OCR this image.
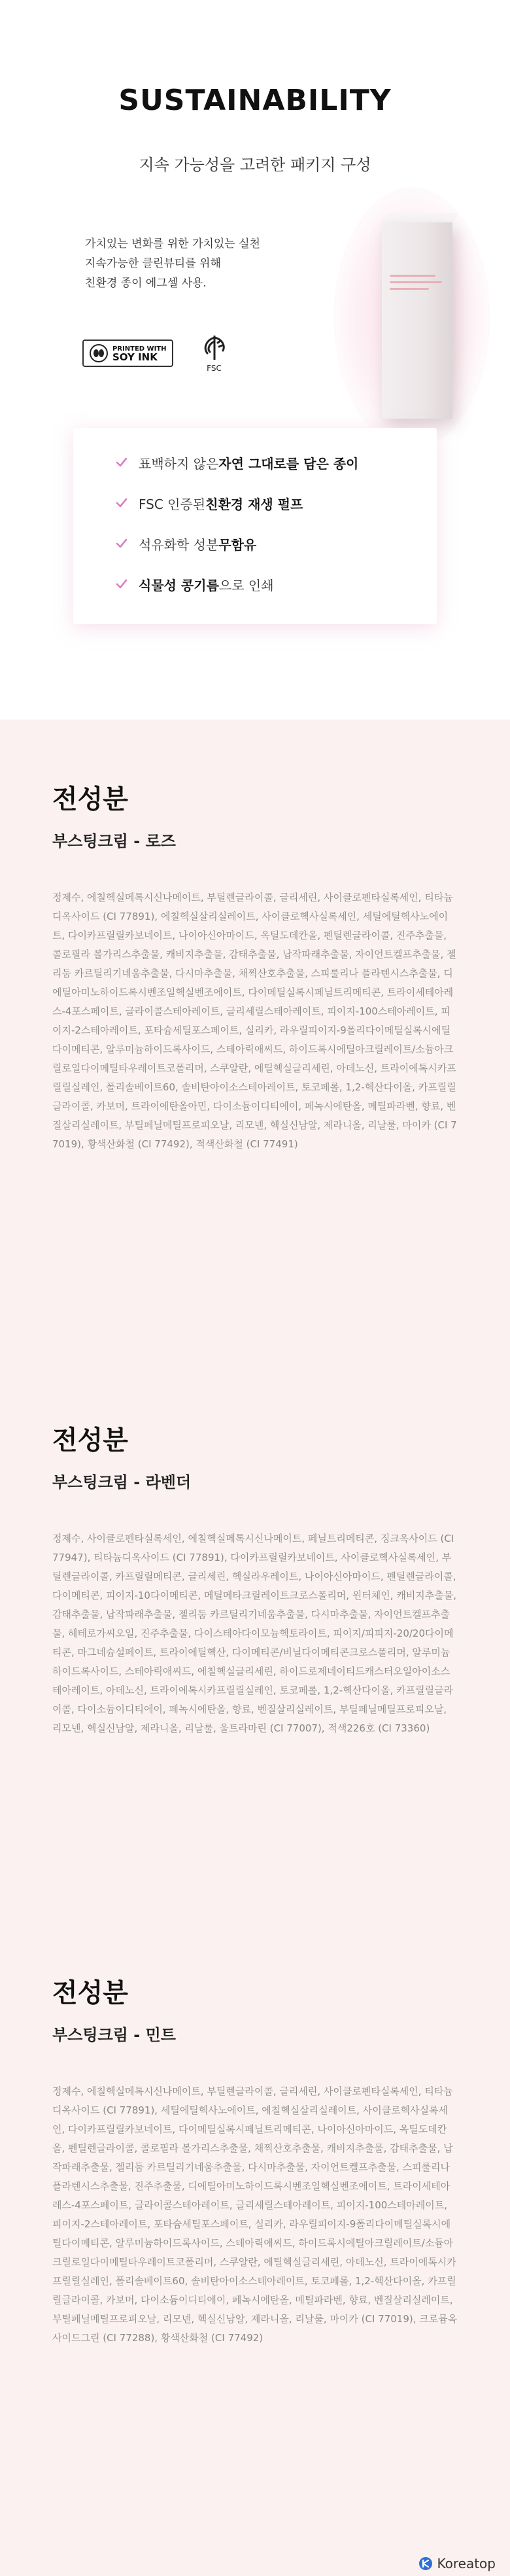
SUSTAINABILITY
지속 가능성을 고려한 패키지 구성
가치있는 변화를 위한 가치있는 실천
지속가능한 클린뷰티를 위해
친환경 종이 에그셀 사용.
PRINTED WITH
SOY INK
FSC
표백하지 않은 자연 그대로를 담은 종이
FSC 인증된 친환경 재생 펄프
석유화학 성분 무함유
식물성 콩기름 으로 인쇄
전성분
부스팅크림 - 로즈
정제수, 에칠헥실메톡시신나메이트, 부틸렌글라이콜, 글리세린, 사이클로펜타실록세인, 티타늄디옥사이드 (CI 77891), 에칠헥실살리실레이트, 사이클로헥사실록세인, 세틸에틸헥사노에이트, 다이카프릴릴카보네이트, 나이아신아마이드, 옥틸도데칸올, 펜틸렌글라이콜, 진주추출물, 콜로필라 볼가리스추출물, 캐비지추출물, 감태추출물, 납작파래추출물, 자이언트켈프추출물, 젤리둠 카르틸리기네움추출물, 다시마추출물, 채찍산호추출물, 스피룰리나 플라텐시스추출물, 디에틸아미노하이드록시벤조일헥실벤조에이트, 다이메틸실록시페닐트리메티콘, 트라이세테아레스-4포스페이트, 글라이콜스테아레이트, 글리세릴스테아레이트, 피이지-100스테아레이트, 피이지-2스테아레이트, 포타슘세틸포스페이트, 실리카, 라우릴피이지-9폴리다이메틸실록시에틸다이메티콘, 알루미늄하이드록사이드, 스테아릭애씨드, 하이드록시에틸아크릴레이트/소듐아크릴로일다이메틸타우레이트코폴리머, 스쿠알란, 에틸헥실글리세린, 아데노신, 트라이에톡시카프릴릴실레인, 폴리솔베이트60, 솔비탄아이소스테아레이트, 토코페롤, 1,2-헥산다이올, 카프릴릴글라이콜, 카보머, 트라이에탄올아민, 다이소듐이디티에이, 페녹시에탄올, 메틸파라벤, 향료, 벤질살리실레이트, 부틸페닐메틸프로피오날, 리모넨, 헥실신남알, 제라니올, 리날룰, 마이카 (CI 77019), 황색산화철 (CI 77492), 적색산화철 (CI 77491)
전성분
부스팅크림 - 라벤더
정제수, 사이클로펜타실록세인, 에칠헥실메톡시신나메이트, 페닐트리메티콘, 징크옥사이드 (CI 77947), 티타늄디옥사이드 (CI 77891), 다이카프릴릴카보네이트, 사이클로헥사실록세인, 부틸렌글라이콜, 카프릴릴메티콘, 글리세린, 헥실라우레이트, 나이아신아마이드, 펜틸렌글라이콜, 다이메티콘, 피이지-10다이메티콘, 메틸메타크릴레이트크로스폴리머, 윈터체인, 캐비지추출물, 감태추출물, 납작파래추출물, 젤리둠 카르틸리기네움추출물, 다시마추출물, 자이언트켈프추출물, 헤테로가씨오일, 진주추출물, 다이스테아다이모늄헥토라이트, 피이지/피피지-20/20다이메티콘, 마그네슘설페이트, 트라이에틸헥산, 다이메티콘/비닐다이메티콘크로스폴리머, 알루미늄하이드록사이드, 스테아릭애씨드, 에칠헥실글리세린, 하이드로제네이티드캐스터오일아이소스테아레이트, 아데노신, 트라이에톡시카프릴릴실레인, 토코페롤, 1,2-헥산다이올, 카프릴릴글라이콜, 다이소듐이디티에이, 페녹시에탄올, 향료, 벤질살리실레이트, 부틸페닐메틸프로피오날, 리모넨, 헥실신남알, 제라니올, 리날룰, 울트라마린 (CI 77007), 적색226호 (CI 73360)
전성분
부스팅크림 - 민트
정제수, 에칠헥실메톡시신나메이트, 부틸렌글라이콜, 글리세린, 사이클로펜타실록세인, 티타늄디옥사이드 (CI 77891), 세틸에틸헥사노에이트, 에칠헥실살리실레이트, 사이클로헥사실록세인, 다이카프릴릴카보네이트, 다이메틸실록시페닐트리메티콘, 나이아신아마이드, 옥틸도데칸올, 펜틸렌글라이콜, 콜로필라 볼가리스추출물, 채찍산호추출물, 캐비지추출물, 감태추출물, 납작파래추출물, 젤리둠 카르틸리기네움추출물, 다시마추출물, 자이언트켈프추출물, 스피룰리나 플라텐시스추출물, 진주추출물, 디에틸아미노하이드록시벤조일헥실벤조에이트, 트라이세테아레스-4포스페이트, 글라이콜스테아레이트, 글리세릴스테아레이트, 피이지-100스테아레이트, 피이지-2스테아레이트, 포타슘세틸포스페이트, 실리카, 라우릴피이지-9폴리다이메틸실록시에틸다이메티콘, 알루미늄하이드록사이드, 스테아릭애씨드, 하이드록시에틸아크릴레이트/소듐아크릴로일다이메틸타우레이트코폴리머, 스쿠알란, 에틸헥실글리세린, 아데노신, 트라이에톡시카프릴릴실레인, 폴리솔베이트60, 솔비탄아이소스테아레이트, 토코페롤, 1,2-헥산다이올, 카프릴릴글라이콜, 카보머, 다이소듐이디티에이, 페녹시에탄올, 메틸파라벤, 향료, 벤질살리실레이트, 부틸페닐메틸프로피오날, 리모넨, 헥실신남알, 제라니올, 리날룰, 마이카 (CI 77019), 크로뮴옥사이드그린 (CI 77288), 황색산화철 (CI 77492)
Koreatop
